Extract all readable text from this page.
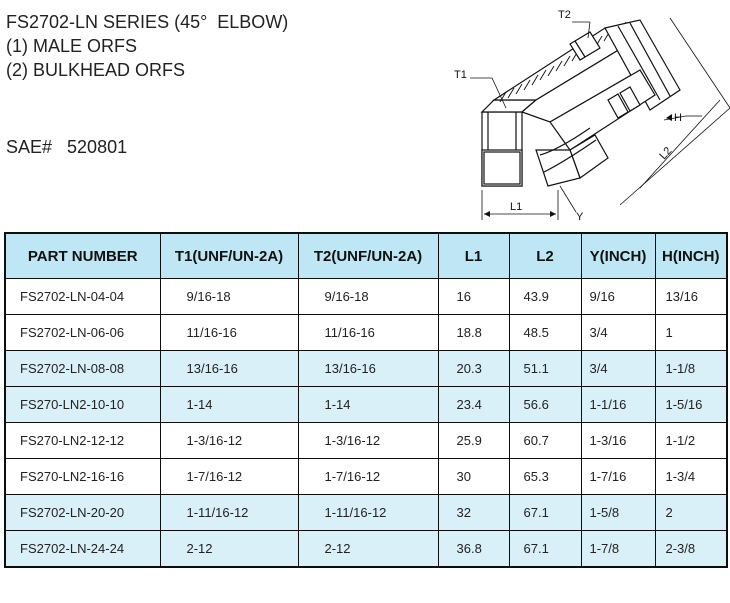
FS2702-LN SERIES (45°  ELBOW)
(1) MALE ORFS
(2) BULKHEAD ORFS
SAE#   520801
T1
T2
H
L1
L2
Y
PART NUMBER	T1(UNF/UN-2A)	T2(UNF/UN-2A)	L1	L2	Y(INCH)	H(INCH)
FS2702-LN-04-04	9/16-18	9/16-18	16	43.9	9/16	13/16
FS2702-LN-06-06	11/16-16	11/16-16	18.8	48.5	3/4	1
FS2702-LN-08-08	13/16-16	13/16-16	20.3	51.1	3/4	1-1/8
FS270-LN2-10-10	1-14	1-14	23.4	56.6	1-1/16	1-5/16
FS270-LN2-12-12	1-3/16-12	1-3/16-12	25.9	60.7	1-3/16	1-1/2
FS270-LN2-16-16	1-7/16-12	1-7/16-12	30	65.3	1-7/16	1-3/4
FS2702-LN-20-20	1-11/16-12	1-11/16-12	32	67.1	1-5/8	2
FS2702-LN-24-24	2-12	2-12	36.8	67.1	1-7/8	2-3/8
